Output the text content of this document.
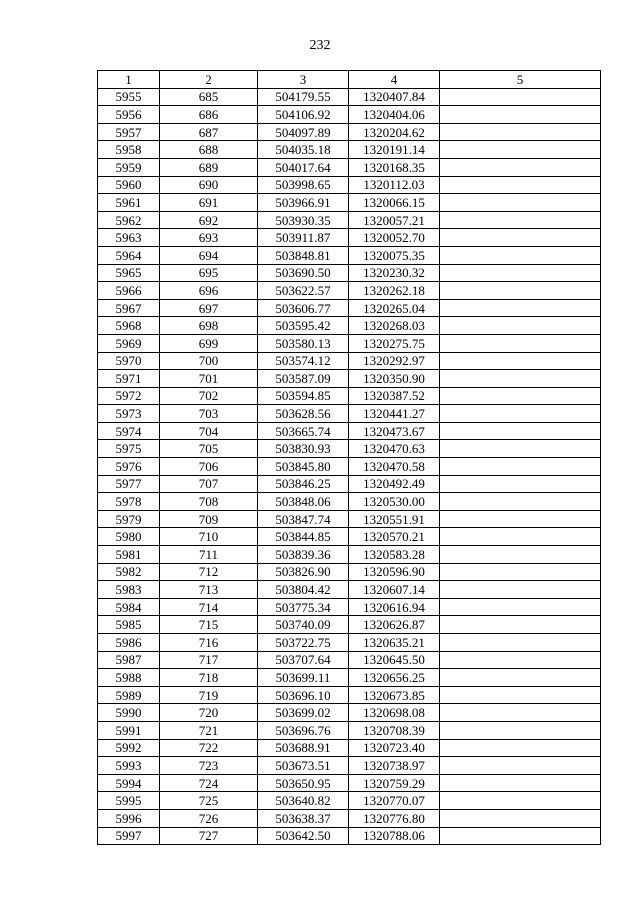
232
1	2	3	4	5
5955	685	504179.55	1320407.84	
5956	686	504106.92	1320404.06	
5957	687	504097.89	1320204.62	
5958	688	504035.18	1320191.14	
5959	689	504017.64	1320168.35	
5960	690	503998.65	1320112.03	
5961	691	503966.91	1320066.15	
5962	692	503930.35	1320057.21	
5963	693	503911.87	1320052.70	
5964	694	503848.81	1320075.35	
5965	695	503690.50	1320230.32	
5966	696	503622.57	1320262.18	
5967	697	503606.77	1320265.04	
5968	698	503595.42	1320268.03	
5969	699	503580.13	1320275.75	
5970	700	503574.12	1320292.97	
5971	701	503587.09	1320350.90	
5972	702	503594.85	1320387.52	
5973	703	503628.56	1320441.27	
5974	704	503665.74	1320473.67	
5975	705	503830.93	1320470.63	
5976	706	503845.80	1320470.58	
5977	707	503846.25	1320492.49	
5978	708	503848.06	1320530.00	
5979	709	503847.74	1320551.91	
5980	710	503844.85	1320570.21	
5981	711	503839.36	1320583.28	
5982	712	503826.90	1320596.90	
5983	713	503804.42	1320607.14	
5984	714	503775.34	1320616.94	
5985	715	503740.09	1320626.87	
5986	716	503722.75	1320635.21	
5987	717	503707.64	1320645.50	
5988	718	503699.11	1320656.25	
5989	719	503696.10	1320673.85	
5990	720	503699.02	1320698.08	
5991	721	503696.76	1320708.39	
5992	722	503688.91	1320723.40	
5993	723	503673.51	1320738.97	
5994	724	503650.95	1320759.29	
5995	725	503640.82	1320770.07	
5996	726	503638.37	1320776.80	
5997	727	503642.50	1320788.06	
